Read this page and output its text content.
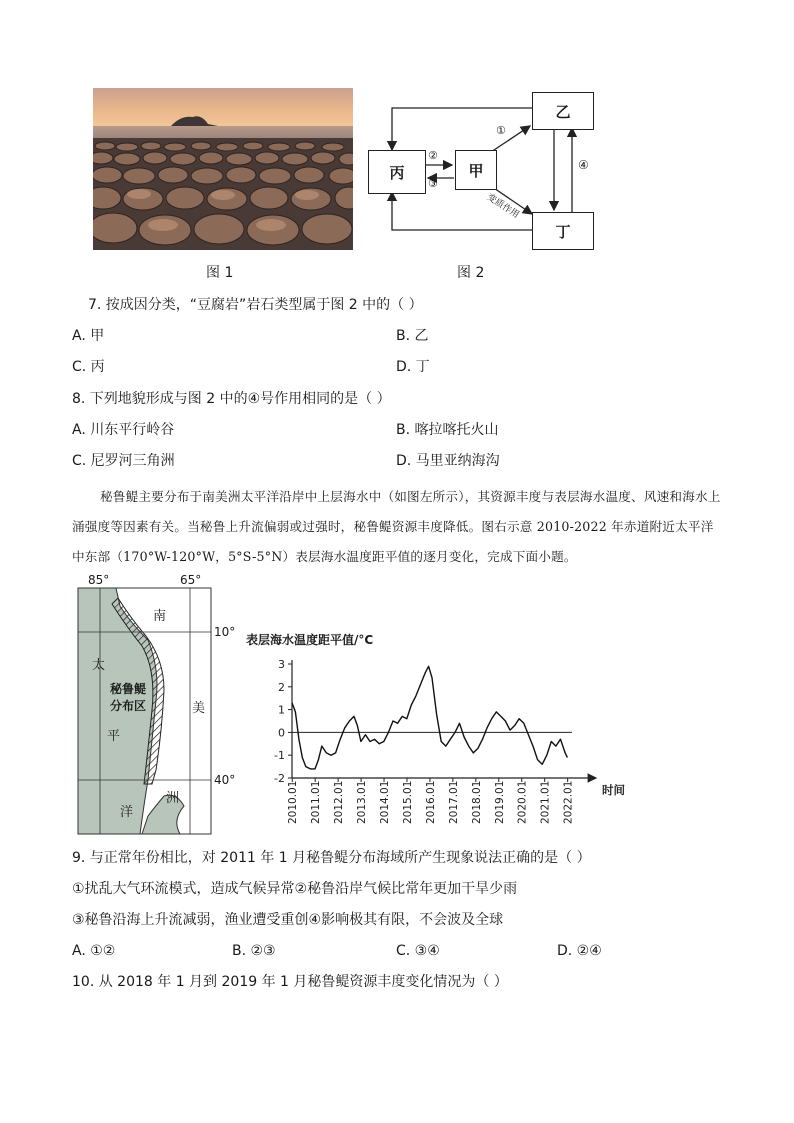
图 1
丙	甲
乙
丁
①
②
③
④
变质作用
图 2
7. 按成因分类，“豆腐岩”岩石类型属于图 2 中的（ ）
A. 甲	B. 乙
C. 丙	D. 丁
8. 下列地貌形成与图 2 中的④号作用相同的是（ ）
A. 川东平行岭谷	B. 喀拉喀托火山
C. 尼罗河三角洲	D. 马里亚纳海沟
秘鲁鳀主要分布于南美洲太平洋沿岸中上层海水中（如图左所示），其资源丰度与表层海水温度、风速和海水上涌强度等因素有关。当秘鲁上升流偏弱或过强时，秘鲁鳀资源丰度降低。图右示意 2010-2022 年赤道附近太平洋中东部（170°W-120°W，5°S-5°N）表层海水温度距平值的逐月变化，完成下面小题。
85°	65°
10°
40°
南
太
美
平
洋
洲
秘鲁鳀
分布区
表层海水温度距平值/°C
3
2
1
0
-1
-2
2010.01 2011.01 2012.01 2013.01 2014.01 2015.01 2016.01 2017.01 2018.01 2019.01 2020.01 2021.01 2022.01 时间
9. 与正常年份相比，对 2011 年 1 月秘鲁鳀分布海域所产生现象说法正确的是（ ）
①扰乱大气环流模式，造成气候异常②秘鲁沿岸气候比常年更加干旱少雨
③秘鲁沿海上升流减弱，渔业遭受重创④影响极其有限，不会波及全球
A. ①②	B. ②③	C. ③④	D. ②④
10. 从 2018 年 1 月到 2019 年 1 月秘鲁鳀资源丰度变化情况为（ ）
